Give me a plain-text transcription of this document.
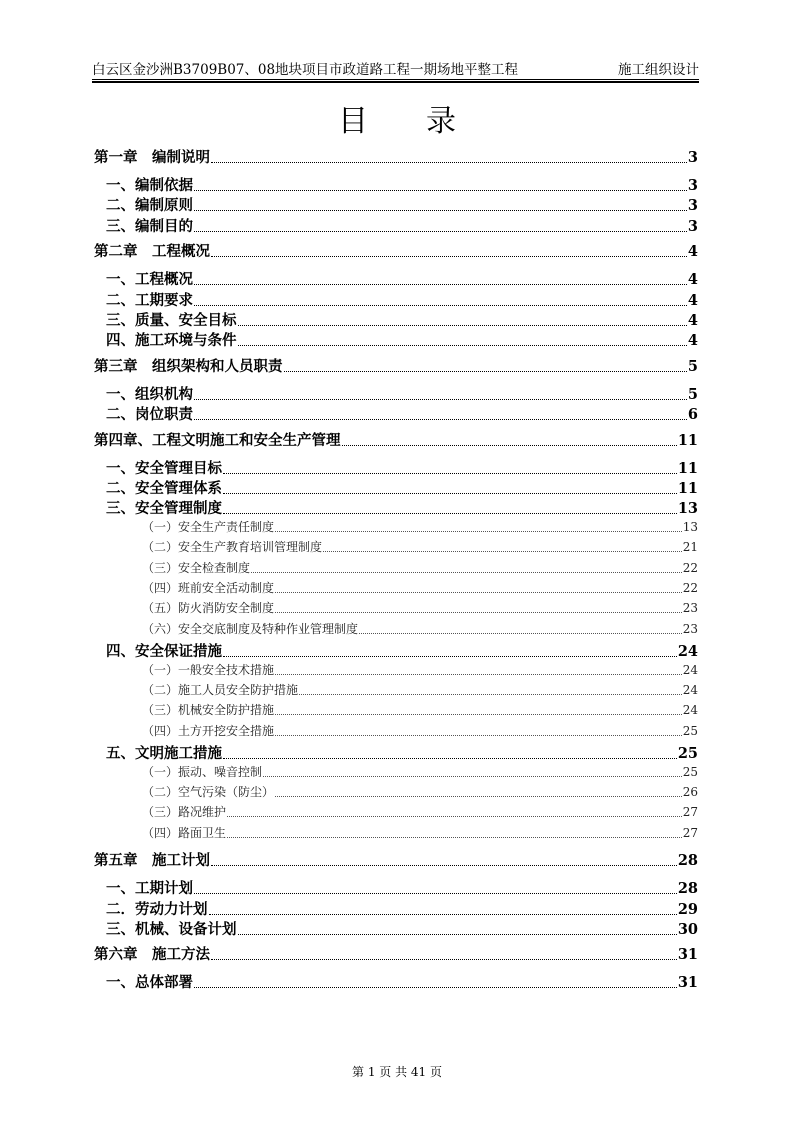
白云区金沙洲B3709B07、08地块项目市政道路工程一期场地平整工程	施工组织设计
目录
第一章　编制说明	3
一、编制依据	3
二、编制原则	3
三、编制目的	3
第二章　工程概况	4
一、工程概况	4
二、工期要求	4
三、质量、安全目标	4
四、施工环境与条件	4
第三章　组织架构和人员职责	5
一、组织机构	5
二、岗位职责	6
第四章、工程文明施工和安全生产管理	11
一、安全管理目标	11
二、安全管理体系	11
三、安全管理制度	13
（一）安全生产责任制度	13
（二）安全生产教育培训管理制度	21
（三）安全检查制度	22
（四）班前安全活动制度	22
（五）防火消防安全制度	23
（六）安全交底制度及特种作业管理制度	23
四、安全保证措施	24
（一）一般安全技术措施	24
（二）施工人员安全防护措施	24
（三）机械安全防护措施	24
（四）土方开挖安全措施	25
五、文明施工措施	25
（一）振动、噪音控制	25
（二）空气污染（防尘）	26
（三）路况维护	27
（四）路面卫生	27
第五章　施工计划	28
一、工期计划	28
二．劳动力计划	29
三、机械、设备计划	30
第六章　施工方法	31
一、总体部署	31
第 1 页 共 41 页
